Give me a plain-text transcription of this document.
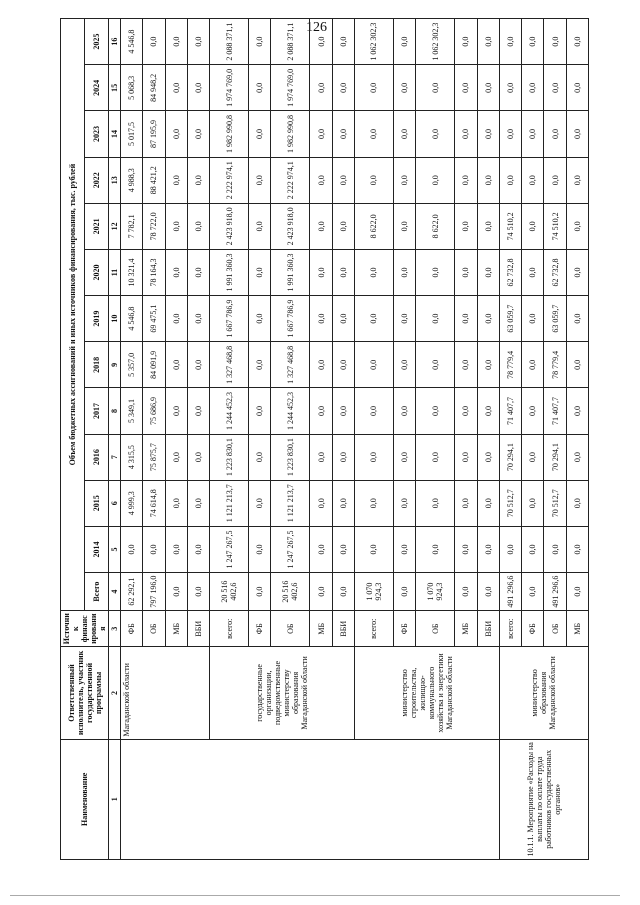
126
Наименование	Ответственный исполнитель, участник государственной программы	Источник финансирования	Объем бюджетных ассигнований и иных источников финансирования, тыс. рублей												
			Всего	2014	2015	2016	2017	2018	2019	2020	2021	2022	2023	2024	2025
1	2	3	4	5	6	7	8	9	10	11	12	13	14	15	16
	Магаданской области	ФБ	62 292,1	0,0	4 999,3	4 315,5	5 349,1	5 357,0	4 546,8	10 321,4	7 782,1	4 988,3	5 017,5	5 068,3	4 546,8
		ОБ	797 196,0	0,0	74 614,8	75 875,7	75 686,9	84 091,9	69 475,1	78 164,3	78 722,0	88 421,2	87 195,9	84 948,2	0,0
		МБ	0,0	0,0	0,0	0,0	0,0	0,0	0,0	0,0	0,0	0,0	0,0	0,0	0,0
		ВБИ	0,0	0,0	0,0	0,0	0,0	0,0	0,0	0,0	0,0	0,0	0,0	0,0	0,0
	государственные организации, подведомственные министерству образования Магаданской области	всего:	20 516 402,6	1 247 267,5	1 121 213,7	1 223 830,1	1 244 452,3	1 327 468,8	1 667 786,9	1 991 360,3	2 423 918,0	2 222 974,1	1 982 990,8	1 974 769,0	2 088 371,1
		ФБ	0,0	0,0	0,0	0,0	0,0	0,0	0,0	0,0	0,0	0,0	0,0	0,0	0,0
		ОБ	20 516 402,6	1 247 267,5	1 121 213,7	1 223 830,1	1 244 452,3	1 327 468,8	1 667 786,9	1 991 360,3	2 423 918,0	2 222 974,1	1 982 990,8	1 974 769,0	2 088 371,1
		МБ	0,0	0,0	0,0	0,0	0,0	0,0	0,0	0,0	0,0	0,0	0,0	0,0	0,0
		ВБИ	0,0	0,0	0,0	0,0	0,0	0,0	0,0	0,0	0,0	0,0	0,0	0,0	0,0
	министерство строительства, жилищно-коммунального хозяйства и энергетики Магаданской области	всего:	1 070 924,3	0,0	0,0	0,0	0,0	0,0	0,0	0,0	8 622,0	0,0	0,0	0,0	1 062 302,3
		ФБ	0,0	0,0	0,0	0,0	0,0	0,0	0,0	0,0	0,0	0,0	0,0	0,0	0,0
		ОБ	1 070 924,3	0,0	0,0	0,0	0,0	0,0	0,0	0,0	8 622,0	0,0	0,0	0,0	1 062 302,3
		МБ	0,0	0,0	0,0	0,0	0,0	0,0	0,0	0,0	0,0	0,0	0,0	0,0	0,0
		ВБИ	0,0	0,0	0,0	0,0	0,0	0,0	0,0	0,0	0,0	0,0	0,0	0,0	0,0
10.1.1. Мероприятие «Расходы на выплаты по оплате труда работников государственных органов»	министерство образования Магаданской области	всего:	491 296,6	0,0	70 512,7	70 294,1	71 407,7	78 779,4	63 059,7	62 732,8	74 510,2	0,0	0,0	0,0	0,0
		ФБ	0,0	0,0	0,0	0,0	0,0	0,0	0,0	0,0	0,0	0,0	0,0	0,0	0,0
		ОБ	491 296,6	0,0	70 512,7	70 294,1	71 407,7	78 779,4	63 059,7	62 732,8	74 510,2	0,0	0,0	0,0	0,0
		МБ	0,0	0,0	0,0	0,0	0,0	0,0	0,0	0,0	0,0	0,0	0,0	0,0	0,0
